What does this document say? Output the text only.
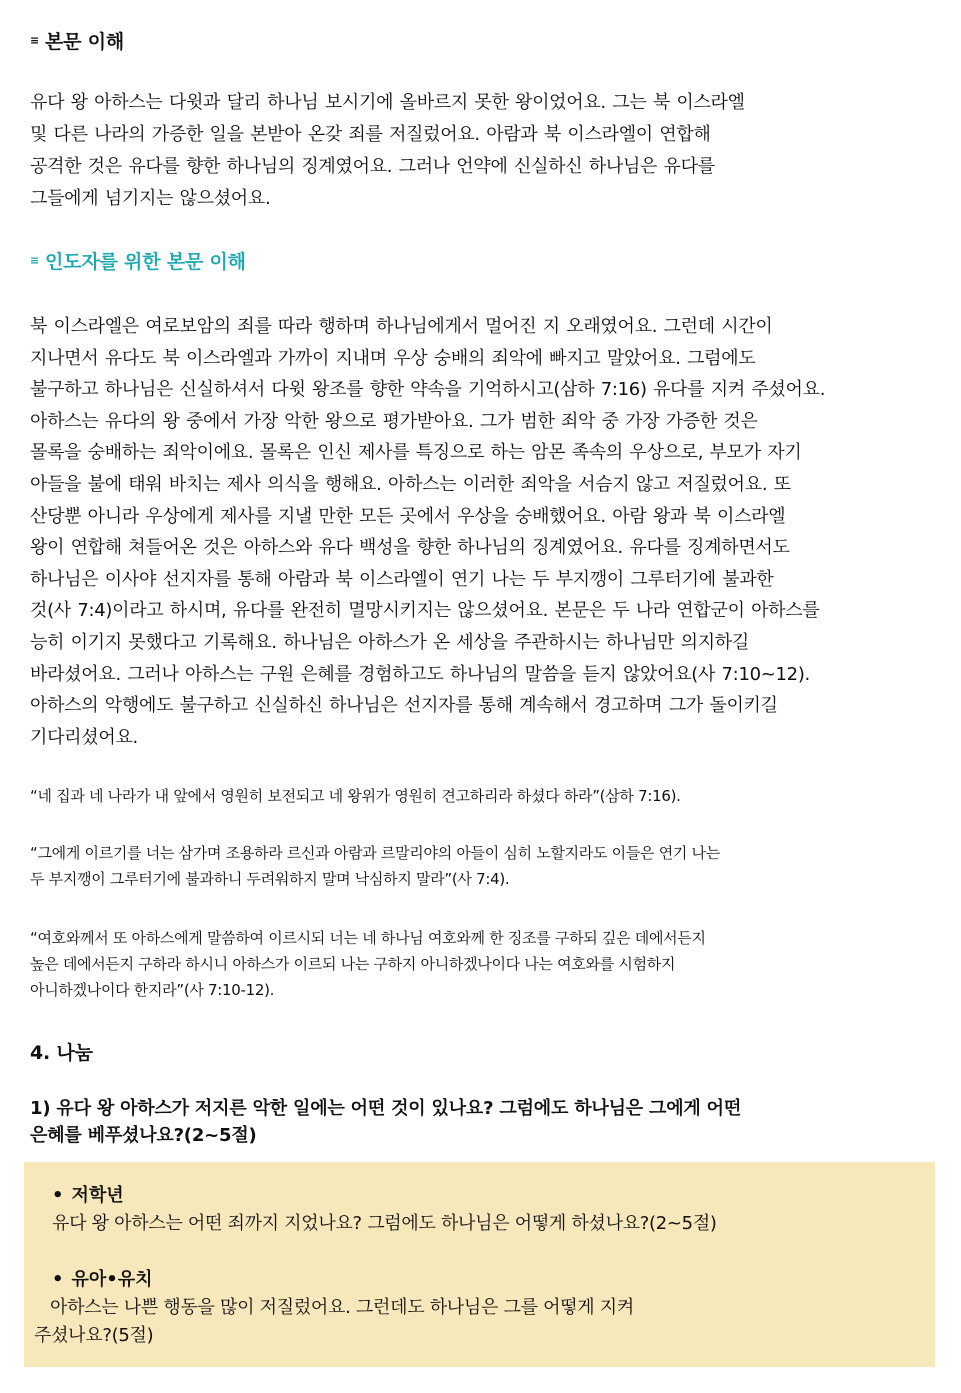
≡ 본문 이해

유다 왕 아하스는 다윗과 달리 하나님 보시기에 올바르지 못한 왕이었어요. 그는 북 이스라엘
및 다른 나라의 가증한 일을 본받아 온갖 죄를 저질렀어요. 아람과 북 이스라엘이 연합해
공격한 것은 유다를 향한 하나님의 징계였어요. 그러나 언약에 신실하신 하나님은 유다를
그들에게 넘기지는 않으셨어요.

≡ 인도자를 위한 본문 이해

북 이스라엘은 여로보암의 죄를 따라 행하며 하나님에게서 멀어진 지 오래였어요. 그런데 시간이
지나면서 유다도 북 이스라엘과 가까이 지내며 우상 숭배의 죄악에 빠지고 말았어요. 그럼에도
불구하고 하나님은 신실하셔서 다윗 왕조를 향한 약속을 기억하시고(삼하 7:16) 유다를 지켜 주셨어요.
아하스는 유다의 왕 중에서 가장 악한 왕으로 평가받아요. 그가 범한 죄악 중 가장 가증한 것은
몰록을 숭배하는 죄악이에요. 몰록은 인신 제사를 특징으로 하는 암몬 족속의 우상으로, 부모가 자기
아들을 불에 태워 바치는 제사 의식을 행해요. 아하스는 이러한 죄악을 서슴지 않고 저질렀어요. 또
산당뿐 아니라 우상에게 제사를 지낼 만한 모든 곳에서 우상을 숭배했어요. 아람 왕과 북 이스라엘
왕이 연합해 쳐들어온 것은 아하스와 유다 백성을 향한 하나님의 징계였어요. 유다를 징계하면서도
하나님은 이사야 선지자를 통해 아람과 북 이스라엘이 연기 나는 두 부지깽이 그루터기에 불과한
것(사 7:4)이라고 하시며, 유다를 완전히 멸망시키지는 않으셨어요. 본문은 두 나라 연합군이 아하스를
능히 이기지 못했다고 기록해요. 하나님은 아하스가 온 세상을 주관하시는 하나님만 의지하길
바라셨어요. 그러나 아하스는 구원 은혜를 경험하고도 하나님의 말씀을 듣지 않았어요(사 7:10~12).
아하스의 악행에도 불구하고 신실하신 하나님은 선지자를 통해 계속해서 경고하며 그가 돌이키길
기다리셨어요.

“네 집과 네 나라가 내 앞에서 영원히 보전되고 네 왕위가 영원히 견고하리라 하셨다 하라”(삼하 7:16).

“그에게 이르기를 너는 삼가며 조용하라 르신과 아람과 르말리야의 아들이 심히 노할지라도 이들은 연기 나는
두 부지깽이 그루터기에 불과하니 두려워하지 말며 낙심하지 말라”(사 7:4).

“여호와께서 또 아하스에게 말씀하여 이르시되 너는 네 하나님 여호와께 한 징조를 구하되 깊은 데에서든지
높은 데에서든지 구하라 하시니 아하스가 이르되 나는 구하지 아니하겠나이다 나는 여호와를 시험하지
아니하겠나이다 한지라”(사 7:10-12).

4. 나눔

1) 유다 왕 아하스가 저지른 악한 일에는 어떤 것이 있나요? 그럼에도 하나님은 그에게 어떤
은혜를 베푸셨나요?(2~5절)

• 저학년
유다 왕 아하스는 어떤 죄까지 지었나요? 그럼에도 하나님은 어떻게 하셨나요?(2~5절)
• 유아•유치
아하스는 나쁜 행동을 많이 저질렀어요. 그런데도 하나님은 그를 어떻게 지켜
주셨나요?(5절)
